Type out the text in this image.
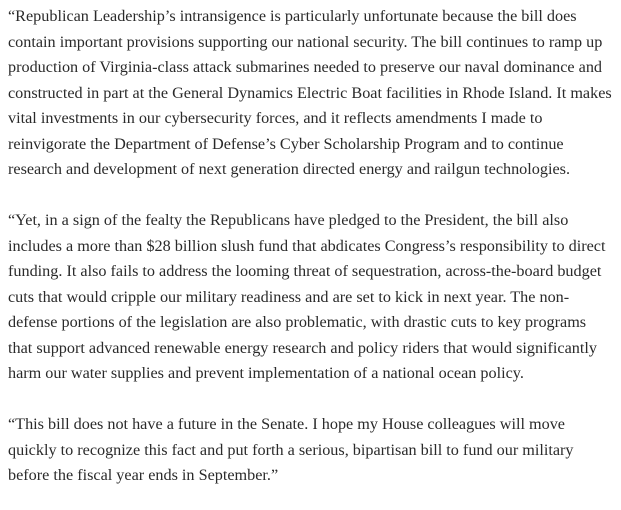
“Republican Leadership’s intransigence is particularly unfortunate because the bill does contain important provisions supporting our national security. The bill continues to ramp up production of Virginia-class attack submarines needed to preserve our naval dominance and constructed in part at the General Dynamics Electric Boat facilities in Rhode Island. It makes vital investments in our cybersecurity forces, and it reflects amendments I made to reinvigorate the Department of Defense’s Cyber Scholarship Program and to continue research and development of next generation directed energy and railgun technologies.

“Yet, in a sign of the fealty the Republicans have pledged to the President, the bill also includes a more than $28 billion slush fund that abdicates Congress’s responsibility to direct funding. It also fails to address the looming threat of sequestration, across-the-board budget cuts that would cripple our military readiness and are set to kick in next year. The non-defense portions of the legislation are also problematic, with drastic cuts to key programs that support advanced renewable energy research and policy riders that would significantly harm our water supplies and prevent implementation of a national ocean policy.

“This bill does not have a future in the Senate. I hope my House colleagues will move quickly to recognize this fact and put forth a serious, bipartisan bill to fund our military before the fiscal year ends in September.”
